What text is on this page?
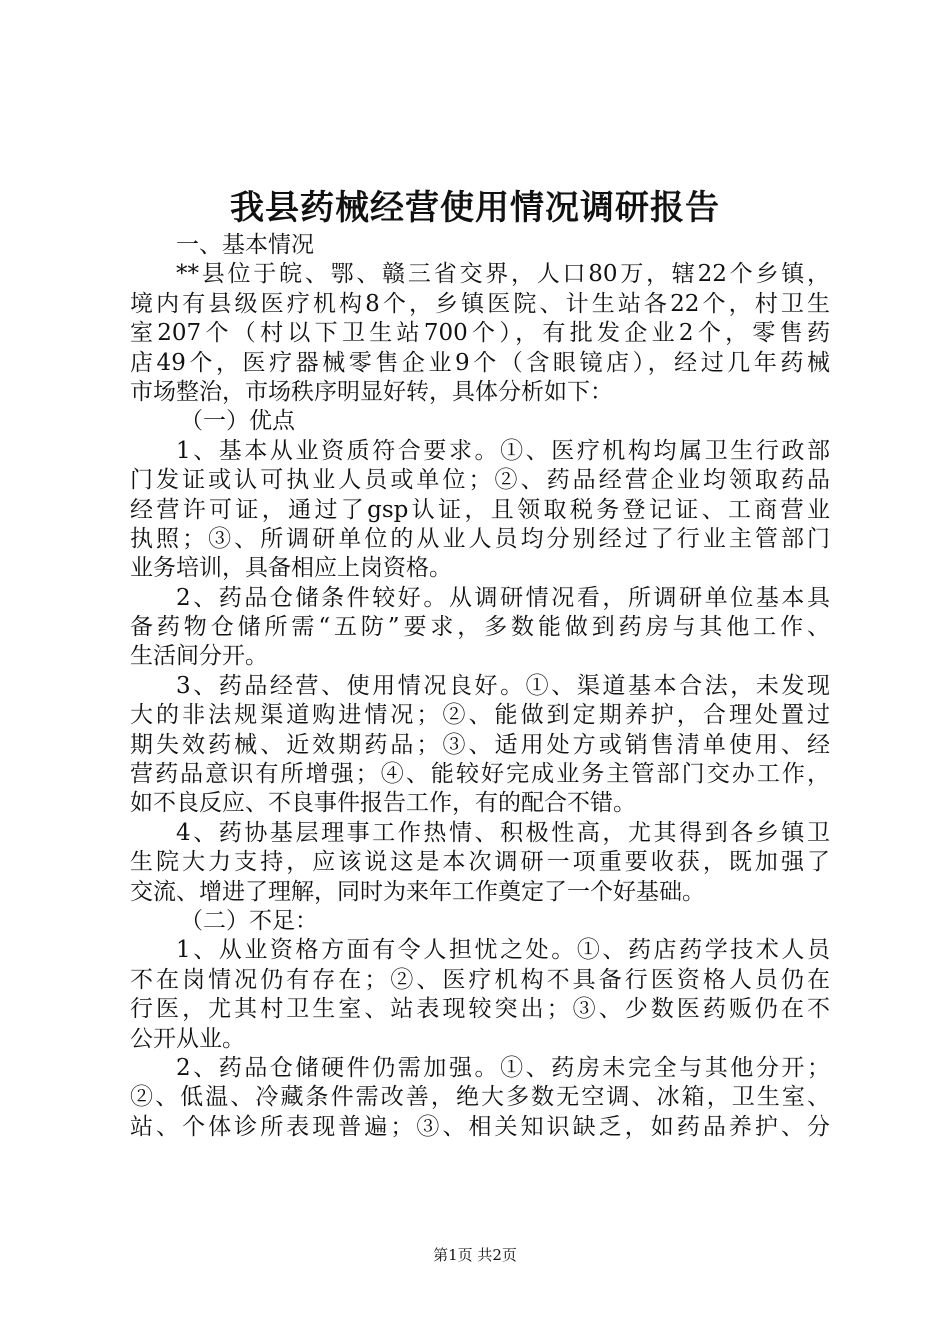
我县药械经营使用情况调研报告
一、基本情况
**县位于皖、鄂、赣三省交界，人口80万，辖22个乡镇，
境内有县级医疗机构8个，乡镇医院、计生站各22个，村卫生
室207个（村以下卫生站700个），有批发企业2个，零售药
店49个，医疗器械零售企业9个（含眼镜店），经过几年药械
市场整治，市场秩序明显好转，具体分析如下：
（一）优点
1、基本从业资质符合要求。①、医疗机构均属卫生行政部
门发证或认可执业人员或单位；②、药品经营企业均领取药品
经营许可证，通过了gsp认证，且领取税务登记证、工商营业
执照；③、所调研单位的从业人员均分别经过了行业主管部门
业务培训，具备相应上岗资格。
2、药品仓储条件较好。从调研情况看，所调研单位基本具
备药物仓储所需“五防”要求，多数能做到药房与其他工作、
生活间分开。
3、药品经营、使用情况良好。①、渠道基本合法，未发现
大的非法规渠道购进情况；②、能做到定期养护，合理处置过
期失效药械、近效期药品；③、适用处方或销售清单使用、经
营药品意识有所增强；④、能较好完成业务主管部门交办工作，
如不良反应、不良事件报告工作，有的配合不错。
4、药协基层理事工作热情、积极性高，尤其得到各乡镇卫
生院大力支持，应该说这是本次调研一项重要收获，既加强了
交流、增进了理解，同时为来年工作奠定了一个好基础。
（二）不足：
1、从业资格方面有令人担忧之处。①、药店药学技术人员
不在岗情况仍有存在；②、医疗机构不具备行医资格人员仍在
行医，尤其村卫生室、站表现较突出；③、少数医药贩仍在不
公开从业。
2、药品仓储硬件仍需加强。①、药房未完全与其他分开；
②、低温、冷藏条件需改善，绝大多数无空调、冰箱，卫生室、
站、个体诊所表现普遍；③、相关知识缺乏，如药品养护、分
第1页 共2页
